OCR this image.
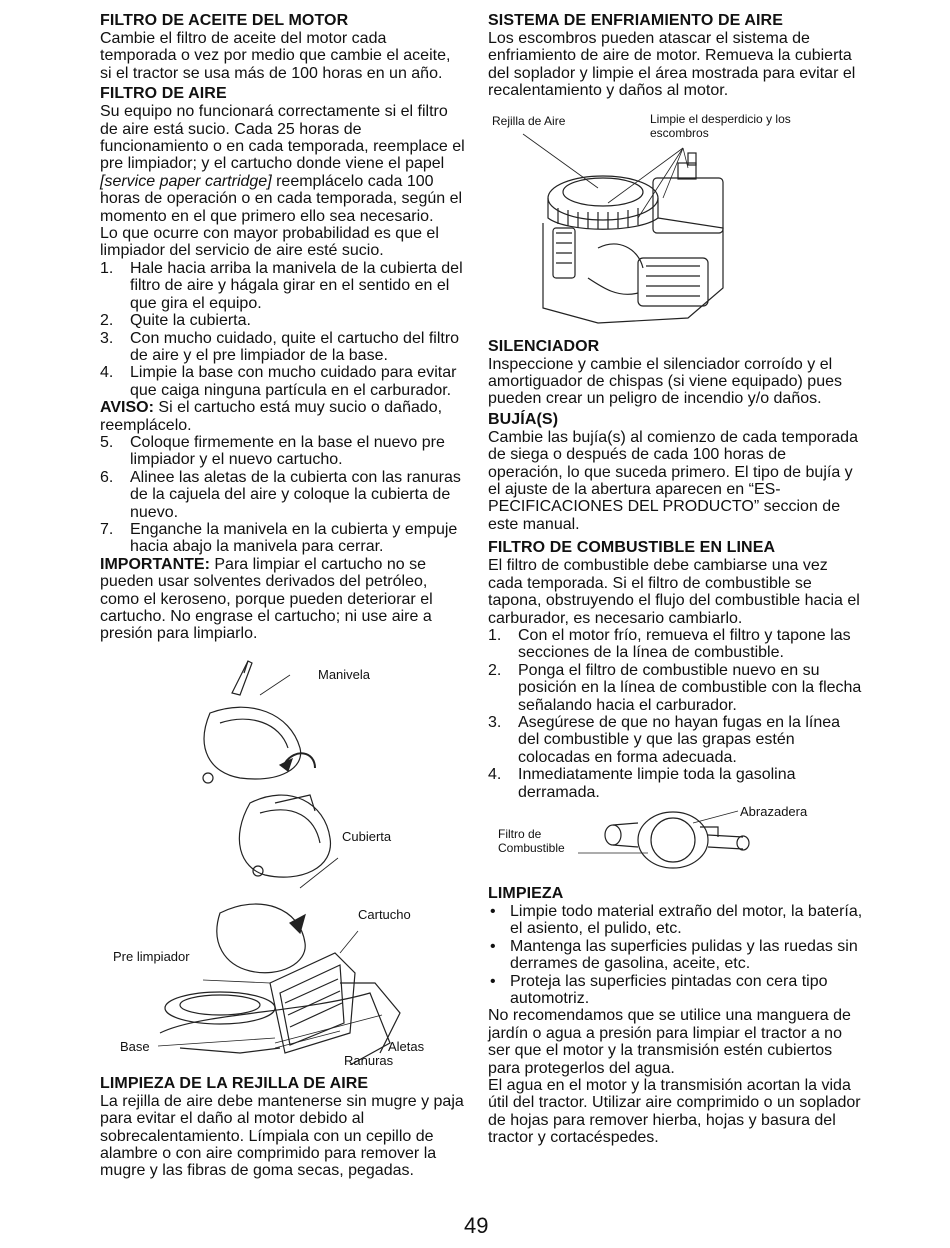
FILTRO DE ACEITE DEL MOTOR

Cambie el filtro de aceite del motor cada temporada o vez por medio que cambie el aceite, si el tractor se usa más de 100 horas en un año.

FILTRO DE AIRE

Su equipo no funcionará correctamente si el filtro de aire está sucio. Cada 25 horas de funcionamiento o en cada temporada, reemplace el pre limpiador; y el cartucho donde viene el papel [service paper cartridge] reemplácelo cada 100 horas de operación o en cada temporada, según el momento en el que primero ello sea necesario.

Lo que ocurre con mayor probabilidad es que el limpiador del servicio de aire esté sucio.

1. Hale hacia arriba la manivela de la cubierta del filtro de aire y hágala girar en el sentido en el que gira el equipo.
2. Quite la cubierta.
3. Con mucho cuidado, quite el cartucho del filtro de aire y el pre limpiador de la base.
4. Limpie la base con mucho cuidado para evitar que caiga ninguna partícula en el carburador.

AVISO: Si el cartucho está muy sucio o dañado, reemplácelo.

5. Coloque firmemente en la base el nuevo pre limpiador y el nuevo cartucho.
6. Alinee las aletas de la cubierta con las ranuras de la cajuela del aire y coloque la cubierta de nuevo.
7. Enganche la manivela en la cubierta y empuje hacia abajo la manivela para cerrar.

IMPORTANTE: Para limpiar el cartucho no se pueden usar solventes derivados del petróleo, como el keroseno, porque pueden deteriorar el cartucho. No engrase el cartucho; ni use aire a presión para limpiarlo.

Manivela
Cubierta
Cartucho
Pre limpiador
Base	Aletas
Ranuras
LIMPIEZA DE LA REJILLA DE AIRE

La rejilla de aire debe mantenerse sin mugre y paja para evitar el daño al motor debido al sobrecalentamiento. Límpiala con un cepillo de alambre o con aire comprimido para remover la mugre y las fibras de goma secas, pegadas.

SISTEMA DE ENFRIAMIENTO DE AIRE

Los escombros pueden atascar el sistema de enfriamiento de aire de motor. Remueva la cubierta del soplador y limpie el área mostrada para evitar el recalentamiento y daños al motor.

Rejilla de Aire	Limpie el desperdicio y los escombros
SILENCIADOR

Inspeccione y cambie el silenciador corroído y el amortiguador de chispas (si viene equipado) pues pueden crear un peligro de incendio y/o daños.

BUJÍA(S)

Cambie las bujía(s) al comienzo de cada temporada de siega o después de cada 100 horas de operación, lo que suceda primero. El tipo de bujía y el ajuste de la abertura aparecen en “ES-PECIFICACIONES DEL PRODUCTO” seccion de este manual.

FILTRO DE COMBUSTIBLE EN LINEA

El filtro de combustible debe cambiarse una vez cada temporada. Si el filtro de combustible se tapona, obstruyendo el flujo del combustible hacia el carburador, es necesario cambiarlo.

1. Con el motor frío, remueva el filtro y tapone las secciones de la línea de combustible.
2. Ponga el filtro de combustible nuevo en su posición en la línea de combustible con la flecha señalando hacia el carburador.
3. Asegúrese de que no hayan fugas en la línea del combustible y que las grapas estén colocadas en forma adecuada.
4. Inmediatamente limpie toda la gasolina derramada.
Abrazadera
Filtro de Combustible
LIMPIEZA
• Limpie todo material extraño del motor, la batería, el asiento, el pulido, etc.
• Mantenga las superficies pulidas y las ruedas sin derrames de gasolina, aceite, etc.
• Proteja las superficies pintadas con cera tipo automotriz.

No recomendamos que se utilice una manguera de jardín o agua a presión para limpiar el tractor a no ser que el motor y la transmisión estén cubiertos para protegerlos del agua.

El agua en el motor y la transmisión acortan la vida útil del tractor. Utilizar aire comprimido o un soplador de hojas para remover hierba, hojas y basura del tractor y cortacéspedes.

49
